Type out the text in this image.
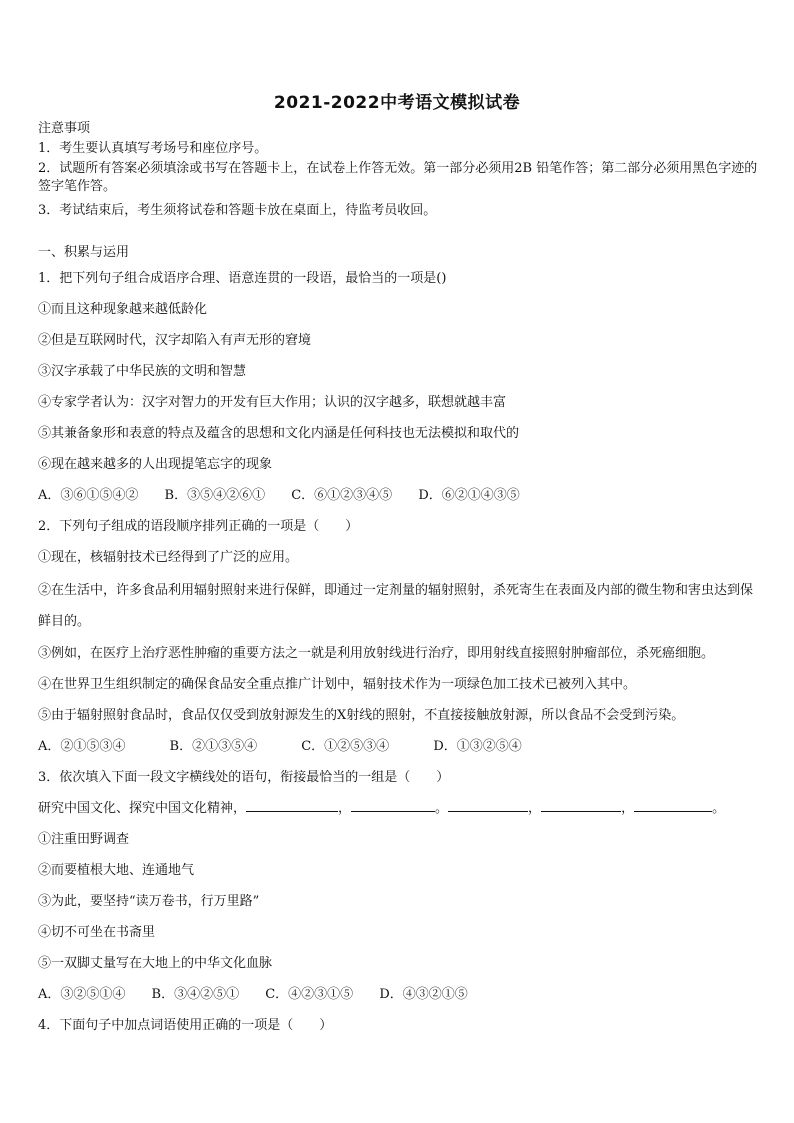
2021-2022中考语文模拟试卷
注意事项
1．考生要认真填写考场号和座位序号。
2．试题所有答案必须填涂或书写在答题卡上，在试卷上作答无效。第一部分必须用2B 铅笔作答；第二部分必须用黑色字迹的签字笔作答。
3．考试结束后，考生须将试卷和答题卡放在桌面上，待监考员收回。
一、积累与运用
1．把下列句子组合成语序合理、语意连贯的一段语，最恰当的一项是()
①而且这种现象越来越低龄化
②但是互联网时代，汉字却陷入有声无形的窘境
③汉字承载了中华民族的文明和智慧
④专家学者认为：汉字对智力的开发有巨大作用；认识的汉字越多，联想就越丰富
⑤其兼备象形和表意的特点及蕴含的思想和文化内涵是任何科技也无法模拟和取代的
⑥现在越来越多的人出现提笔忘字的现象
A．③⑥①⑤④② B．③⑤④②⑥① C．⑥①②③④⑤ D．⑥②①④③⑤
2．下列句子组成的语段顺序排列正确的一项是（　　）
①现在，核辐射技术已经得到了广泛的应用。
②在生活中，许多食品利用辐射照射来进行保鲜，即通过一定剂量的辐射照射，杀死寄生在表面及内部的微生物和害虫达到保鲜目的。
③例如，在医疗上治疗恶性肿瘤的重要方法之一就是利用放射线进行治疗，即用射线直接照射肿瘤部位，杀死癌细胞。
④在世界卫生组织制定的确保食品安全重点推广计划中，辐射技术作为一项绿色加工技术已被列入其中。
⑤由于辐射照射食品时，食品仅仅受到放射源发生的X射线的照射，不直接接触放射源，所以食品不会受到污染。
A．②①⑤③④	B．②①③⑤④	C．①②⑤③④	D．①③②⑤④
3．依次填入下面一段文字横线处的语句，衔接最恰当的一组是（　　）
研究中国文化、探究中国文化精神，	，	。	，	，	。
①注重田野调查
②而要植根大地、连通地气
③为此，要坚持“读万卷书，行万里路”
④切不可坐在书斋里
⑤一双脚丈量写在大地上的中华文化血脉
A．③②⑤①④ B．③④②⑤① C．④②③①⑤ D．④③②①⑤
4．下面句子中加点词语使用正确的一项是（　　）
